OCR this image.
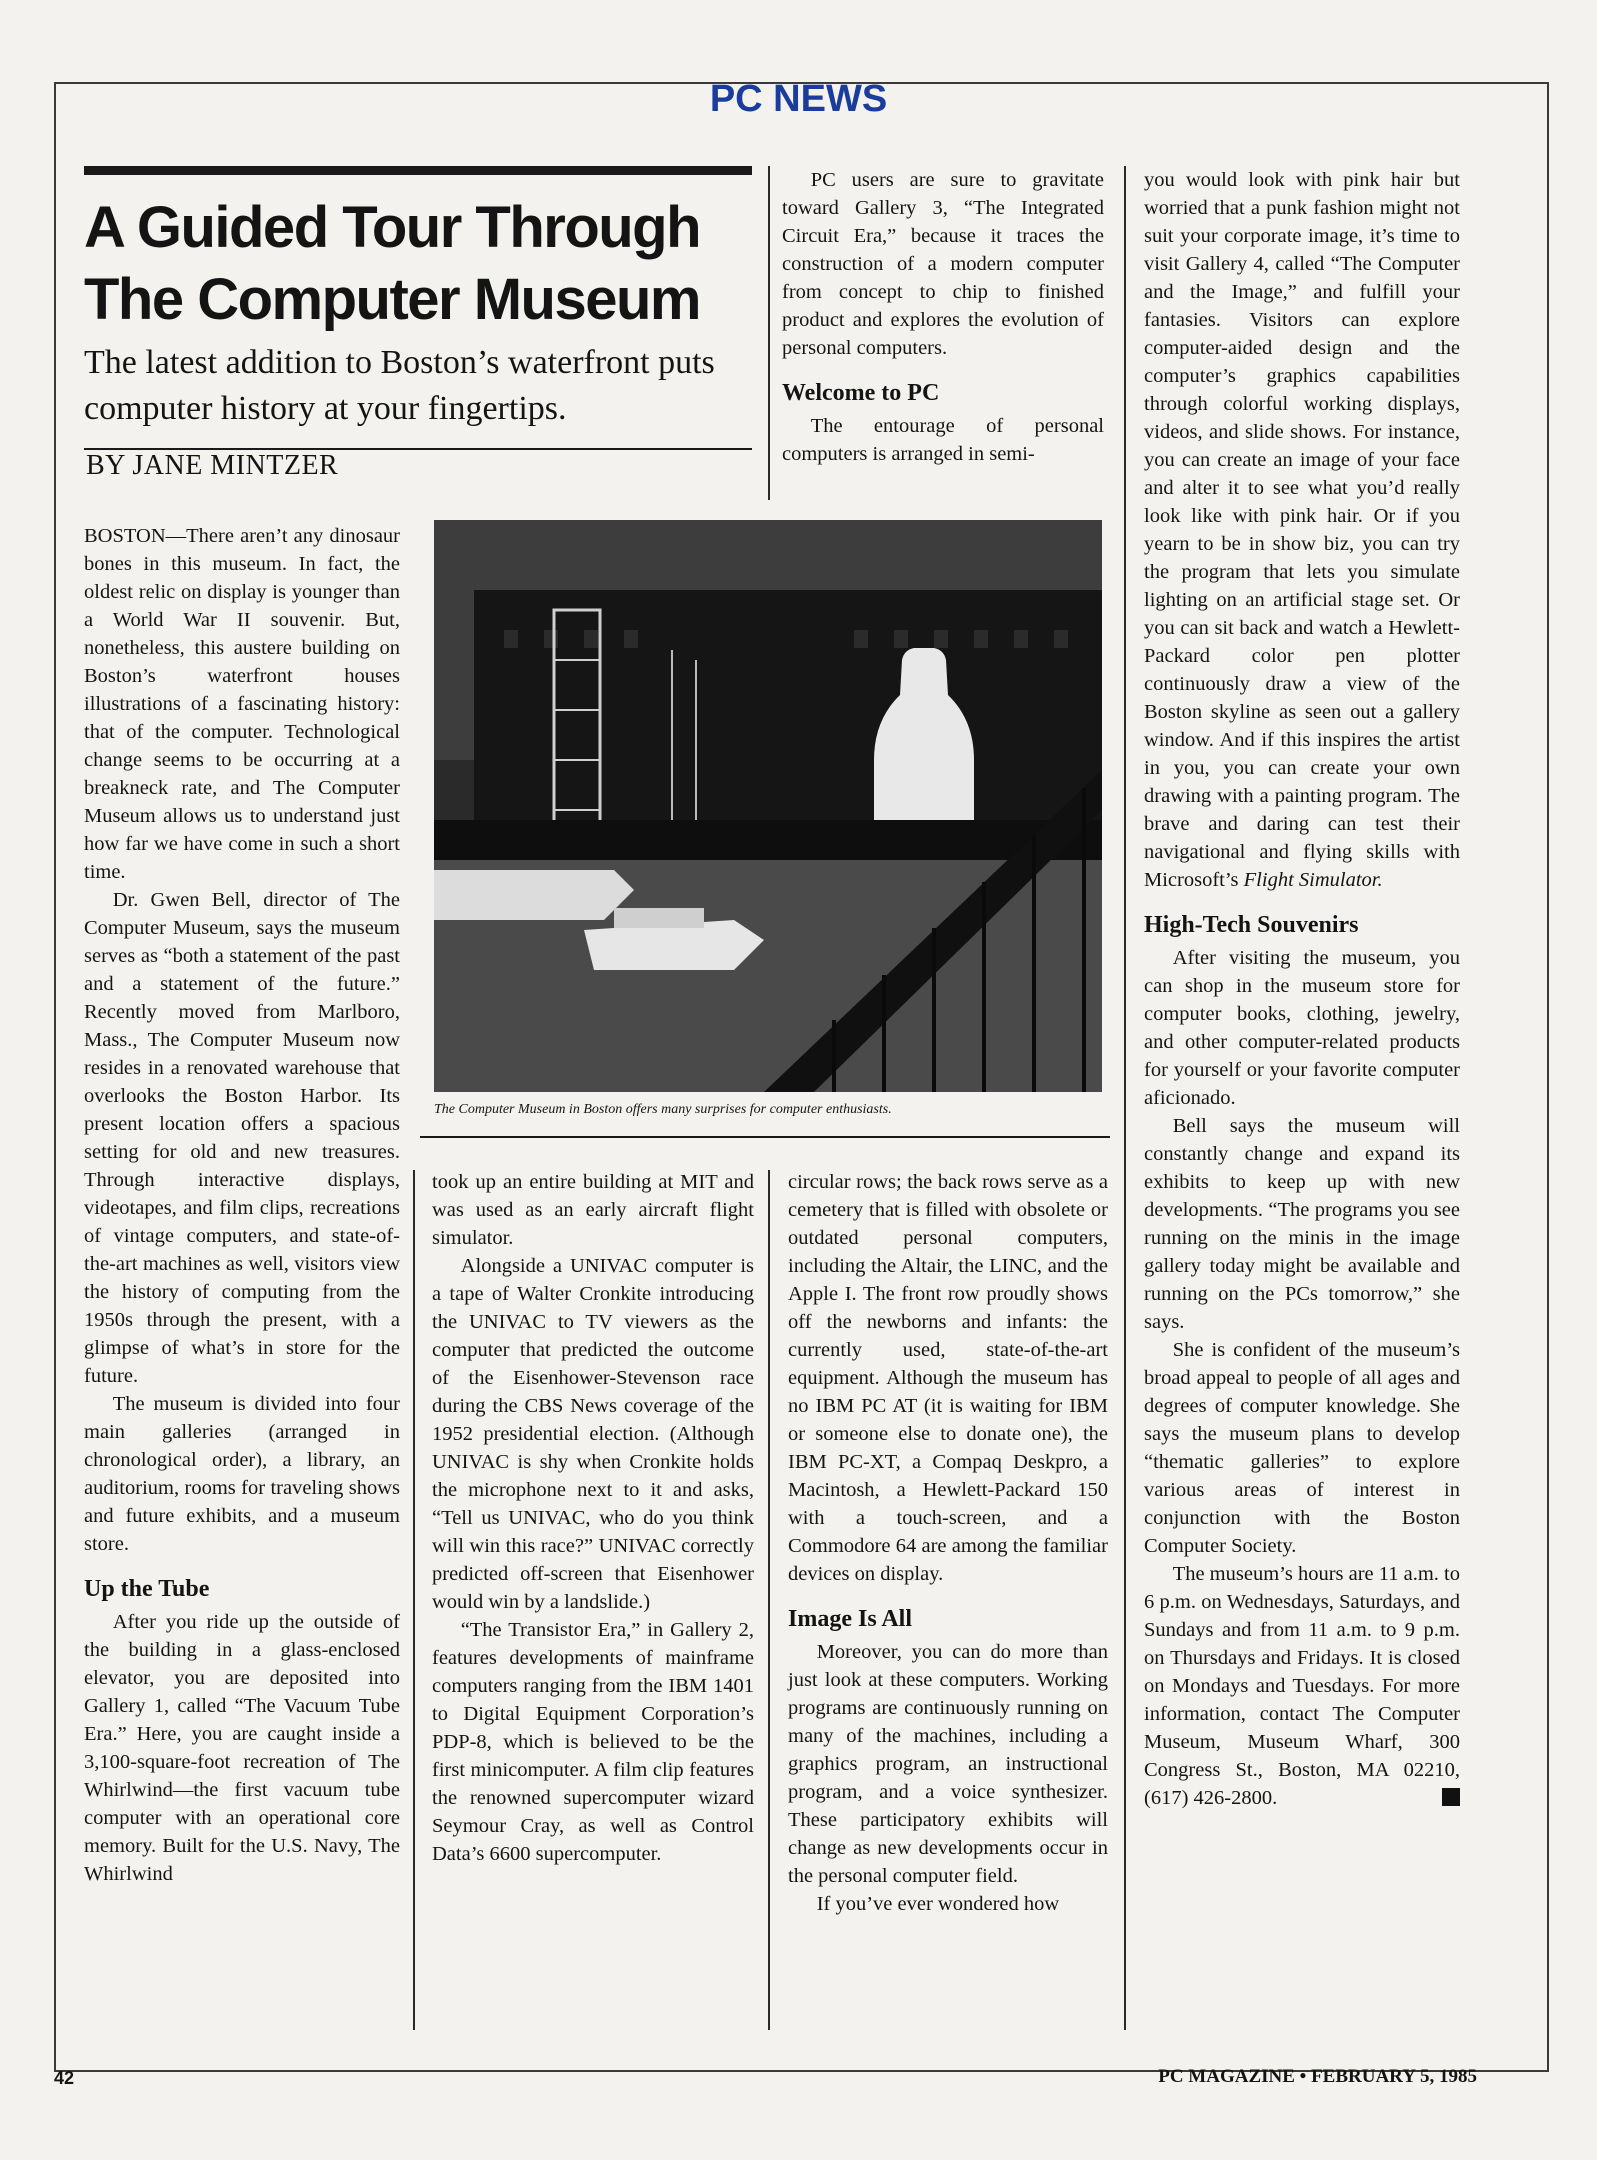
PC NEWS
A Guided Tour Through
The Computer Museum

The latest addition to Boston’s waterfront puts computer history at your fingertips.

BY JANE MINTZER

BOSTON—There aren’t any dinosaur bones in this museum. In fact, the oldest relic on display is younger than a World War II souvenir. But, nonetheless, this austere building on Boston’s waterfront houses illustrations of a fascinating history: that of the computer. Technological change seems to be occurring at a breakneck rate, and The Computer Museum allows us to understand just how far we have come in such a short time.

Dr. Gwen Bell, director of The Computer Museum, says the museum serves as “both a statement of the past and a statement of the future.” Recently moved from Marlboro, Mass., The Computer Museum now resides in a renovated warehouse that overlooks the Boston Harbor. Its present location offers a spacious setting for old and new treasures. Through interactive displays, videotapes, and film clips, recreations of vintage computers, and state-of-the-art machines as well, visitors view the history of computing from the 1950s through the present, with a glimpse of what’s in store for the future.

The museum is divided into four main galleries (arranged in chronological order), a library, an auditorium, rooms for traveling shows and future exhibits, and a museum store.

Up the Tube

After you ride up the outside of the building in a glass-enclosed elevator, you are deposited into Gallery 1, called “The Vacuum Tube Era.” Here, you are caught inside a 3,100-square-foot recreation of The Whirlwind—the first vacuum tube computer with an operational core memory. Built for the U.S. Navy, The Whirlwind

PC users are sure to gravitate toward Gallery 3, “The Integrated Circuit Era,” because it traces the construction of a modern computer from concept to chip to finished product and explores the evolution of personal computers.

Welcome to PC

The entourage of personal computers is arranged in semi-

The Computer Museum in Boston offers many surprises for computer enthusiasts.

took up an entire building at MIT and was used as an early aircraft flight simulator.

Alongside a UNIVAC computer is a tape of Walter Cronkite introducing the UNIVAC to TV viewers as the computer that predicted the outcome of the Eisenhower-Stevenson race during the CBS News coverage of the 1952 presidential election. (Although UNIVAC is shy when Cronkite holds the microphone next to it and asks, “Tell us UNIVAC, who do you think will win this race?” UNIVAC correctly predicted off-screen that Eisenhower would win by a landslide.)

“The Transistor Era,” in Gallery 2, features developments of mainframe computers ranging from the IBM 1401 to Digital Equipment Corporation’s PDP-8, which is believed to be the first minicomputer. A film clip features the renowned supercomputer wizard Seymour Cray, as well as Control Data’s 6600 supercomputer.

circular rows; the back rows serve as a cemetery that is filled with obsolete or outdated personal computers, including the Altair, the LINC, and the Apple I. The front row proudly shows off the newborns and infants: the currently used, state-of-the-art equipment. Although the museum has no IBM PC AT (it is waiting for IBM or someone else to donate one), the IBM PC-XT, a Compaq Deskpro, a Macintosh, a Hewlett-Packard 150 with a touch-screen, and a Commodore 64 are among the familiar devices on display.

Image Is All

Moreover, you can do more than just look at these computers. Working programs are continuously running on many of the machines, including a graphics program, an instructional program, and a voice synthesizer. These participatory exhibits will change as new developments occur in the personal computer field.

If you’ve ever wondered how

you would look with pink hair but worried that a punk fashion might not suit your corporate image, it’s time to visit Gallery 4, called “The Computer and the Image,” and fulfill your fantasies. Visitors can explore computer-aided design and the computer’s graphics capabilities through colorful working displays, videos, and slide shows. For instance, you can create an image of your face and alter it to see what you’d really look like with pink hair. Or if you yearn to be in show biz, you can try the program that lets you simulate lighting on an artificial stage set. Or you can sit back and watch a Hewlett-Packard color pen plotter continuously draw a view of the Boston skyline as seen out a gallery window. And if this inspires the artist in you, you can create your own drawing with a painting program. The brave and daring can test their navigational and flying skills with Microsoft’s Flight Simulator.

High-Tech Souvenirs

After visiting the museum, you can shop in the museum store for computer books, clothing, jewelry, and other computer-related products for yourself or your favorite computer aficionado.

Bell says the museum will constantly change and expand its exhibits to keep up with new developments. “The programs you see running on the minis in the image gallery today might be available and running on the PCs tomorrow,” she says.

She is confident of the museum’s broad appeal to people of all ages and degrees of computer knowledge. She says the museum plans to develop “thematic galleries” to explore various areas of interest in conjunction with the Boston Computer Society.

The museum’s hours are 11 a.m. to 6 p.m. on Wednesdays, Saturdays, and Sundays and from 11 a.m. to 9 p.m. on Thursdays and Fridays. It is closed on Mondays and Tuesdays. For more information, contact The Computer Museum, Museum Wharf, 300 Congress St., Boston, MA 02210, (617) 426-2800.

42	PC MAGAZINE • FEBRUARY 5, 1985
